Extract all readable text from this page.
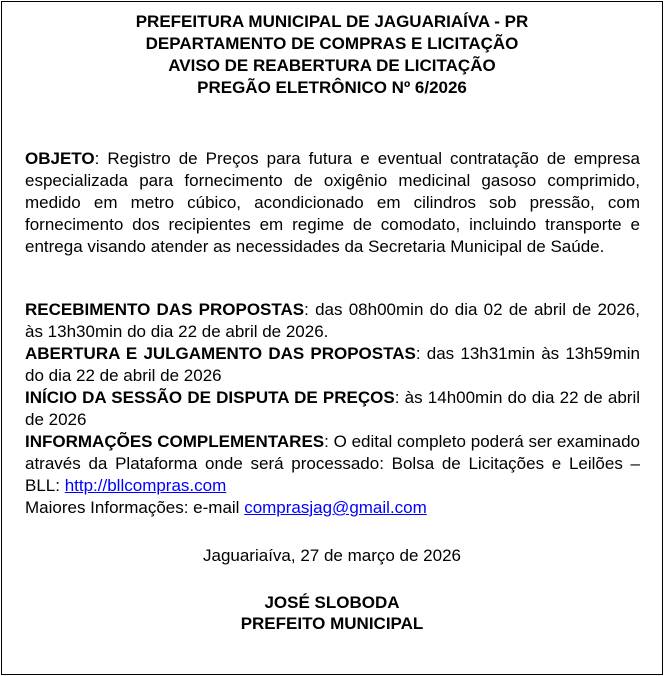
PREFEITURA MUNICIPAL DE JAGUARIAÍVA - PR
DEPARTAMENTO DE COMPRAS E LICITAÇÃO
AVISO DE REABERTURA DE LICITAÇÃO
PREGÃO ELETRÔNICO Nº 6/2026
OBJETO: Registro de Preços para futura e eventual contratação de empresa especializada para fornecimento de oxigênio medicinal gasoso comprimido, medido em metro cúbico, acondicionado em cilindros sob pressão, com fornecimento dos recipientes em regime de comodato, incluindo transporte e entrega visando atender as necessidades da Secretaria Municipal de Saúde.

RECEBIMENTO DAS PROPOSTAS: das 08h00min do dia 02 de abril de 2026, às 13h30min do dia 22 de abril de 2026.

ABERTURA E JULGAMENTO DAS PROPOSTAS: das 13h31min às 13h59min do dia 22 de abril de 2026

INÍCIO DA SESSÃO DE DISPUTA DE PREÇOS: às 14h00min do dia 22 de abril de 2026

INFORMAÇÕES COMPLEMENTARES: O edital completo poderá ser examinado através da Plataforma onde será processado: Bolsa de Licitações e Leilões – BLL: http://bllcompras.com

Maiores Informações: e-mail comprasjag@gmail.com

Jaguariaíva, 27 de março de 2026
JOSÉ SLOBODA
PREFEITO MUNICIPAL
